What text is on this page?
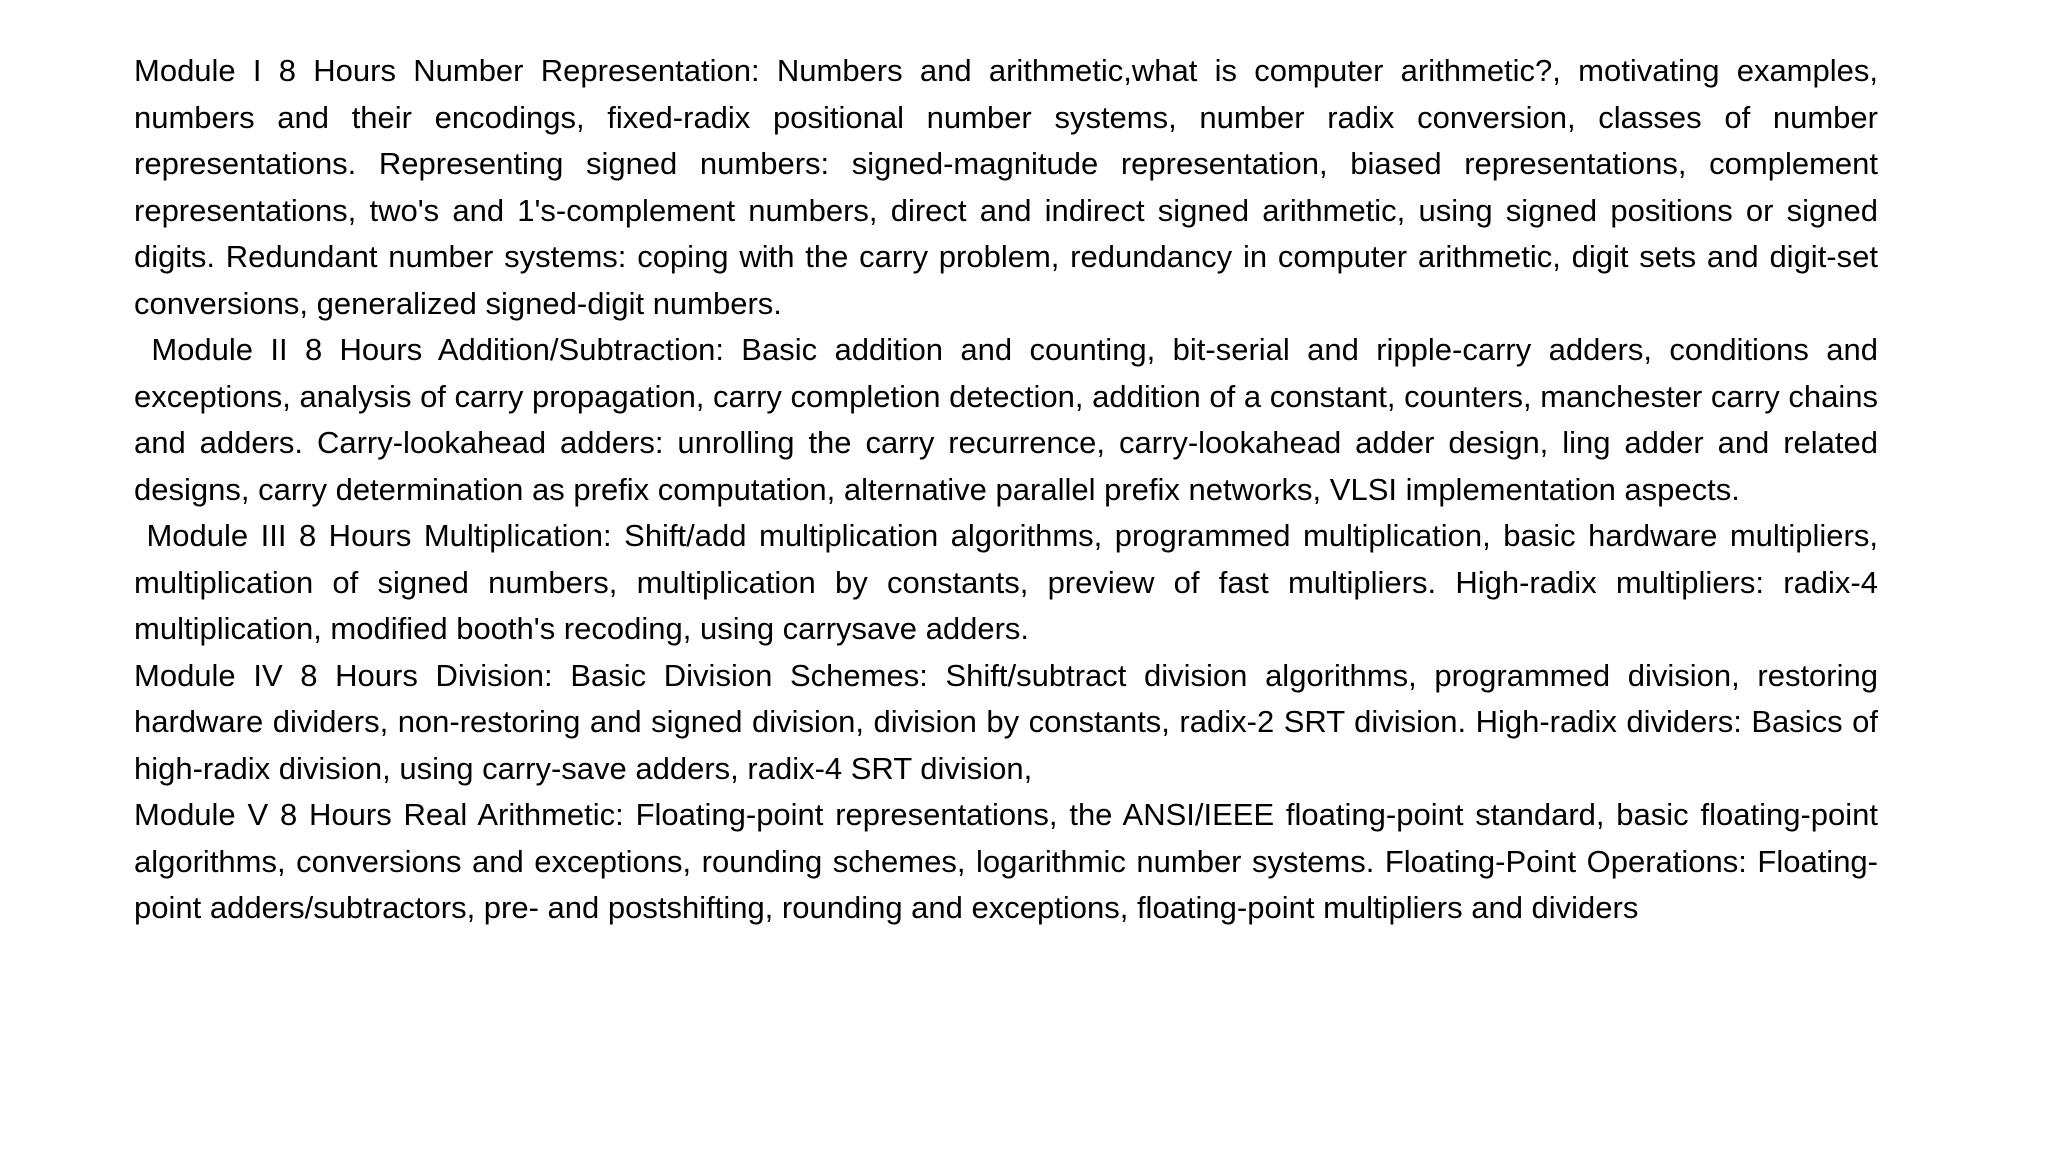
Module I 8 Hours Number Representation: Numbers and arithmetic,what is computer arithmetic?, motivating examples, numbers and their encodings, fixed-radix positional number systems, number radix conversion, classes of number representations. Representing signed numbers: signed-magnitude representation, biased representations, complement representations, two's and 1's-complement numbers, direct and indirect signed arithmetic, using signed positions or signed digits. Redundant number systems: coping with the carry problem, redundancy in computer arithmetic, digit sets and digit-set conversions, generalized signed-digit numbers.

Module II 8 Hours Addition/Subtraction: Basic addition and counting, bit-serial and ripple-carry adders, conditions and exceptions, analysis of carry propagation, carry completion detection, addition of a constant, counters, manchester carry chains and adders. Carry-lookahead adders: unrolling the carry recurrence, carry-lookahead adder design, ling adder and related designs, carry determination as prefix computation, alternative parallel prefix networks, VLSI implementation aspects.

Module III 8 Hours Multiplication: Shift/add multiplication algorithms, programmed multiplication, basic hardware multipliers, multiplication of signed numbers, multiplication by constants, preview of fast multipliers. High-radix multipliers: radix-4 multiplication, modified booth's recoding, using carrysave adders.

Module IV 8 Hours Division: Basic Division Schemes: Shift/subtract division algorithms, programmed division, restoring hardware dividers, non-restoring and signed division, division by constants, radix-2 SRT division. High-radix dividers: Basics of high-radix division, using carry-save adders, radix-4 SRT division,

Module V 8 Hours Real Arithmetic: Floating-point representations, the ANSI/IEEE floating-point standard, basic floating-point algorithms, conversions and exceptions, rounding schemes, logarithmic number systems. Floating-Point Operations: Floating-point adders/subtractors, pre- and postshifting, rounding and exceptions, floating-point multipliers and dividers
